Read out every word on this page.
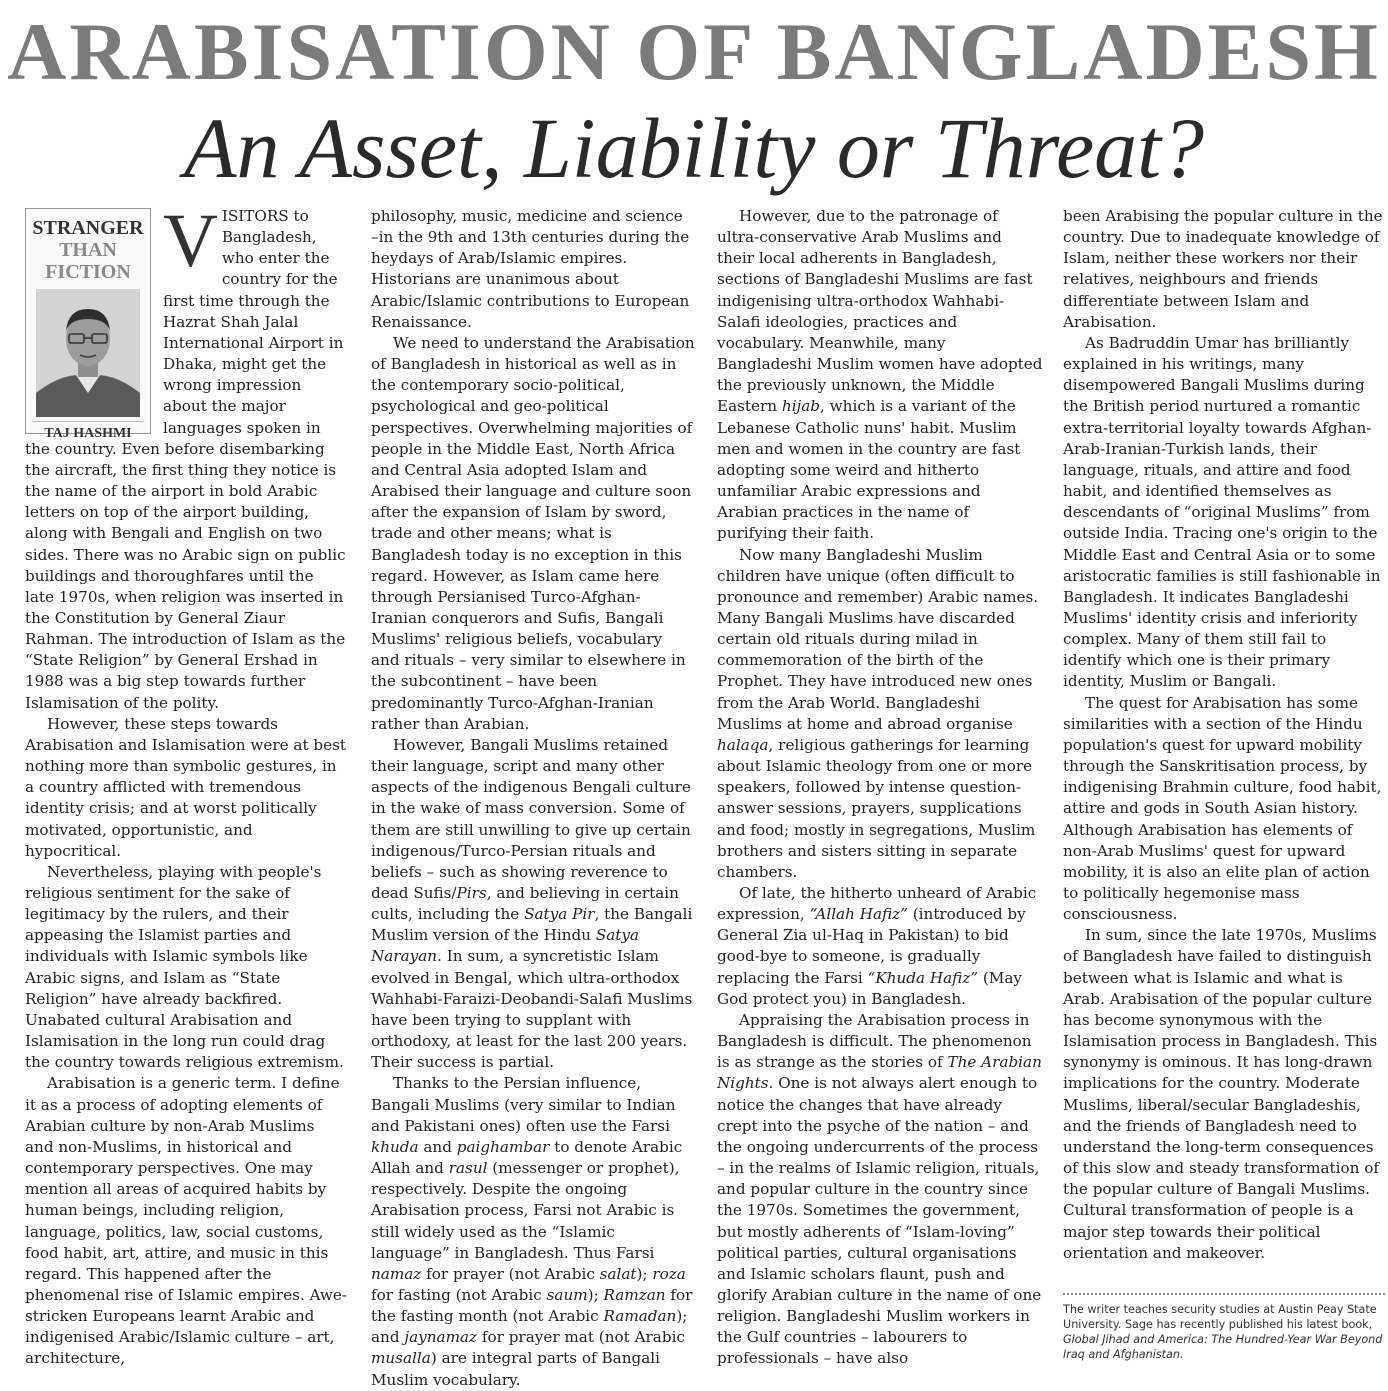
ARABISATION OF BANGLADESH
An Asset, Liability or Threat?
STRANGER
THAN
FICTION
TAJ HASHMI

VISITORS to Bangladesh, who enter the country for the first time through the Hazrat Shah Jalal International Airport in Dhaka, might get the wrong impression about the major languages spoken in the country. Even before disembarking the aircraft, the first thing they notice is the name of the airport in bold Arabic letters on top of the airport building, along with Bengali and English on two sides. There was no Arabic sign on public buildings and thoroughfares until the late 1970s, when religion was inserted in the Constitution by General Ziaur Rahman. The introduction of Islam as the “State Religion” by General Ershad in 1988 was a big step towards further Islamisation of the polity.

However, these steps towards Arabisation and Islamisation were at best nothing more than symbolic gestures, in a country afflicted with tremendous identity crisis; and at worst politically motivated, opportunistic, and hypocritical.

Nevertheless, playing with people's religious sentiment for the sake of legitimacy by the rulers, and their appeasing the Islamist parties and individuals with Islamic symbols like Arabic signs, and Islam as “State Religion” have already backfired. Unabated cultural Arabisation and Islamisation in the long run could drag the country towards religious extremism.

Arabisation is a generic term. I define it as a process of adopting elements of Arabian culture by non-Arab Muslims and non-Muslims, in historical and contemporary perspectives. One may mention all areas of acquired habits by human beings, including religion, language, politics, law, social customs, food habit, art, attire, and music in this regard. This happened after the phenomenal rise of Islamic empires. Awe-stricken Europeans learnt Arabic and indigenised Arabic/Islamic culture – art, architecture,

philosophy, music, medicine and science –in the 9th and 13th centuries during the heydays of Arab/Islamic empires. Historians are unanimous about Arabic/Islamic contributions to European Renaissance.

We need to understand the Arabisation of Bangladesh in historical as well as in the contemporary socio-political, psychological and geo-political perspectives. Overwhelming majorities of people in the Middle East, North Africa and Central Asia adopted Islam and Arabised their language and culture soon after the expansion of Islam by sword, trade and other means; what is Bangladesh today is no exception in this regard. However, as Islam came here through Persianised Turco-Afghan-Iranian conquerors and Sufis, Bangali Muslims' religious beliefs, vocabulary and rituals – very similar to elsewhere in the subcontinent – have been predominantly Turco-Afghan-Iranian rather than Arabian.

However, Bangali Muslims retained their language, script and many other aspects of the indigenous Bengali culture in the wake of mass conversion. Some of them are still unwilling to give up certain indigenous/Turco-Persian rituals and beliefs – such as showing reverence to dead Sufis/Pirs, and believing in certain cults, including the Satya Pir, the Bangali Muslim version of the Hindu Satya Narayan. In sum, a syncretistic Islam evolved in Bengal, which ultra-orthodox Wahhabi-Faraizi-Deobandi-Salafi Muslims have been trying to supplant with orthodoxy, at least for the last 200 years. Their success is partial.

Thanks to the Persian influence, Bangali Muslims (very similar to Indian and Pakistani ones) often use the Farsi khuda and paighambar to denote Arabic Allah and rasul (messenger or prophet), respectively. Despite the ongoing Arabisation process, Farsi not Arabic is still widely used as the “Islamic language” in Bangladesh. Thus Farsi namaz for prayer (not Arabic salat); roza for fasting (not Arabic saum); Ramzan for the fasting month (not Arabic Ramadan); and jaynamaz for prayer mat (not Arabic musalla) are integral parts of Bangali Muslim vocabulary.

However, due to the patronage of ultra-conservative Arab Muslims and their local adherents in Bangladesh, sections of Bangladeshi Muslims are fast indigenising ultra-orthodox Wahhabi-Salafi ideologies, practices and vocabulary. Meanwhile, many Bangladeshi Muslim women have adopted the previously unknown, the Middle Eastern hijab, which is a variant of the Lebanese Catholic nuns' habit. Muslim men and women in the country are fast adopting some weird and hitherto unfamiliar Arabic expressions and Arabian practices in the name of purifying their faith.

Now many Bangladeshi Muslim children have unique (often difficult to pronounce and remember) Arabic names. Many Bangali Muslims have discarded certain old rituals during milad in commemoration of the birth of the Prophet. They have introduced new ones from the Arab World. Bangladeshi Muslims at home and abroad organise halaqa, religious gatherings for learning about Islamic theology from one or more speakers, followed by intense question-answer sessions, prayers, supplications and food; mostly in segregations, Muslim brothers and sisters sitting in separate chambers.

Of late, the hitherto unheard of Arabic expression, “Allah Hafiz” (introduced by General Zia ul-Haq in Pakistan) to bid good-bye to someone, is gradually replacing the Farsi “Khuda Hafiz” (May God protect you) in Bangladesh.

Appraising the Arabisation process in Bangladesh is difficult. The phenomenon is as strange as the stories of The Arabian Nights. One is not always alert enough to notice the changes that have already crept into the psyche of the nation – and the ongoing undercurrents of the process – in the realms of Islamic religion, rituals, and popular culture in the country since the 1970s. Sometimes the government, but mostly adherents of “Islam-loving” political parties, cultural organisations and Islamic scholars flaunt, push and glorify Arabian culture in the name of one religion. Bangladeshi Muslim workers in the Gulf countries – labourers to professionals – have also

been Arabising the popular culture in the country. Due to inadequate knowledge of Islam, neither these workers nor their relatives, neighbours and friends differentiate between Islam and Arabisation.

As Badruddin Umar has brilliantly explained in his writings, many disempowered Bangali Muslims during the British period nurtured a romantic extra-territorial loyalty towards Afghan-Arab-Iranian-Turkish lands, their language, rituals, and attire and food habit, and identified themselves as descendants of “original Muslims” from outside India. Tracing one's origin to the Middle East and Central Asia or to some aristocratic families is still fashionable in Bangladesh. It indicates Bangladeshi Muslims' identity crisis and inferiority complex. Many of them still fail to identify which one is their primary identity, Muslim or Bangali.

The quest for Arabisation has some similarities with a section of the Hindu population's quest for upward mobility through the Sanskritisation process, by indigenising Brahmin culture, food habit, attire and gods in South Asian history. Although Arabisation has elements of non-Arab Muslims' quest for upward mobility, it is also an elite plan of action to politically hegemonise mass consciousness.

In sum, since the late 1970s, Muslims of Bangladesh have failed to distinguish between what is Islamic and what is Arab. Arabisation of the popular culture has become synonymous with the Islamisation process in Bangladesh. This synonymy is ominous. It has long-drawn implications for the country. Moderate Muslims, liberal/secular Bangladeshis, and the friends of Bangladesh need to understand the long-term consequences of this slow and steady transformation of the popular culture of Bangali Muslims. Cultural transformation of people is a major step towards their political orientation and makeover.

The writer teaches security studies at Austin Peay State University. Sage has recently published his latest book, Global Jihad and America: The Hundred-Year War Beyond Iraq and Afghanistan.
